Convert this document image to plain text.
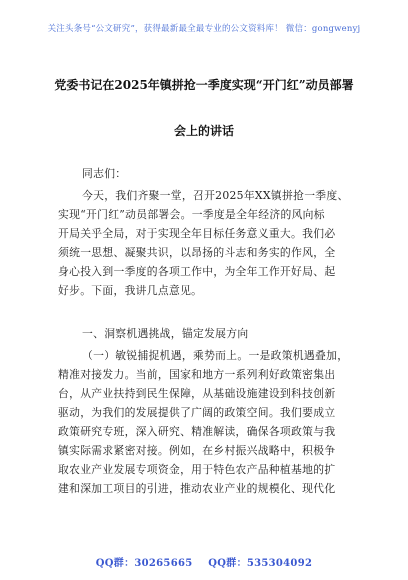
关注头条号“公文研究”，获得最新最全最专业的公文资料库！ 微信：gongwenyj
党委书记在2025年镇拼抢一季度实现“开门红”动员部署
会上的讲话
同志们：
今天，我们齐聚一堂，召开2025年XX镇拼抢一季度、
实现“开门红”动员部署会。一季度是全年经济的风向标
开局关乎全局，对于实现全年目标任务意义重大。我们必
须统一思想、凝聚共识，以昂扬的斗志和务实的作风，全
身心投入到一季度的各项工作中，为全年工作开好局、起
好步。下面，我讲几点意见。
一、洞察机遇挑战，锚定发展方向
（一）敏锐捕捉机遇，乘势而上。一是政策机遇叠加，
精准对接发力。当前，国家和地方一系列利好政策密集出
台，从产业扶持到民生保障，从基础设施建设到科技创新
驱动，为我们的发展提供了广阔的政策空间。我们要成立
政策研究专班，深入研究、精准解读，确保各项政策与我
镇实际需求紧密对接。例如，在乡村振兴战略中，积极争
取农业产业发展专项资金，用于特色农产品种植基地的扩
建和深加工项目的引进，推动农业产业的规模化、现代化
QQ群：30265665 QQ群：535304092
